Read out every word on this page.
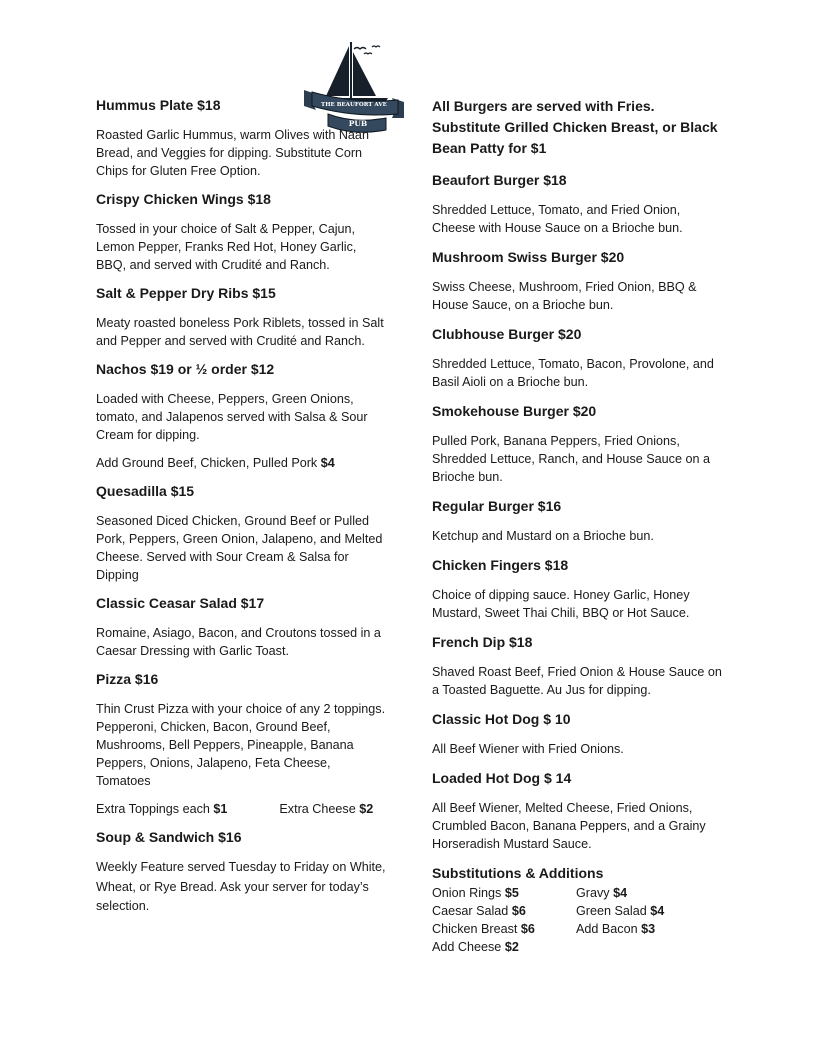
THE BEAUFORT AVE
PUB
Hummus Plate $18
Roasted Garlic Hummus, warm Olives with Naan Bread, and Veggies for dipping. Substitute Corn Chips for Gluten Free Option.
Crispy Chicken Wings $18
Tossed in your choice of Salt & Pepper, Cajun, Lemon Pepper, Franks Red Hot, Honey Garlic, BBQ, and served with Crudité and Ranch.
Salt & Pepper Dry Ribs $15
Meaty roasted boneless Pork Riblets, tossed in Salt and Pepper and served with Crudité and Ranch.
Nachos $19 or ½ order $12
Loaded with Cheese, Peppers, Green Onions, tomato, and Jalapenos served with Salsa & Sour Cream for dipping.
Add Ground Beef, Chicken, Pulled Pork $4
Quesadilla $15
Seasoned Diced Chicken, Ground Beef or Pulled Pork, Peppers, Green Onion, Jalapeno, and Melted Cheese. Served with Sour Cream & Salsa for Dipping
Classic Ceasar Salad $17
Romaine, Asiago, Bacon, and Croutons tossed in a Caesar Dressing with Garlic Toast.
Pizza $16
Thin Crust Pizza with your choice of any 2 toppings. Pepperoni, Chicken, Bacon, Ground Beef, Mushrooms, Bell Peppers, Pineapple, Banana Peppers, Onions, Jalapeno, Feta Cheese, Tomatoes
Extra Toppings each $1	Extra Cheese $2
Soup & Sandwich $16
Weekly Feature served Tuesday to Friday on White, Wheat, or Rye Bread. Ask your server for today’s selection.
All Burgers are served with Fries. Substitute Grilled Chicken Breast, or Black Bean Patty for $1
Beaufort Burger $18
Shredded Lettuce, Tomato, and Fried Onion, Cheese with House Sauce on a Brioche bun.
Mushroom Swiss Burger $20
Swiss Cheese, Mushroom, Fried Onion, BBQ & House Sauce, on a Brioche bun.
Clubhouse Burger $20
Shredded Lettuce, Tomato, Bacon, Provolone, and Basil Aioli on a Brioche bun.
Smokehouse Burger $20
Pulled Pork, Banana Peppers, Fried Onions, Shredded Lettuce, Ranch, and House Sauce on a Brioche bun.
Regular Burger $16
Ketchup and Mustard on a Brioche bun.
Chicken Fingers $18
Choice of dipping sauce. Honey Garlic, Honey Mustard, Sweet Thai Chili, BBQ or Hot Sauce.
French Dip $18
Shaved Roast Beef, Fried Onion & House Sauce on a Toasted Baguette. Au Jus for dipping.
Classic Hot Dog $ 10
All Beef Wiener with Fried Onions.
Loaded Hot Dog $ 14
All Beef Wiener, Melted Cheese, Fried Onions, Crumbled Bacon, Banana Peppers, and a Grainy Horseradish Mustard Sauce.
Substitutions & Additions
Onion Rings $5	Gravy $4
Caesar Salad $6	Green Salad $4
Chicken Breast $6	Add Bacon $3
Add Cheese $2
